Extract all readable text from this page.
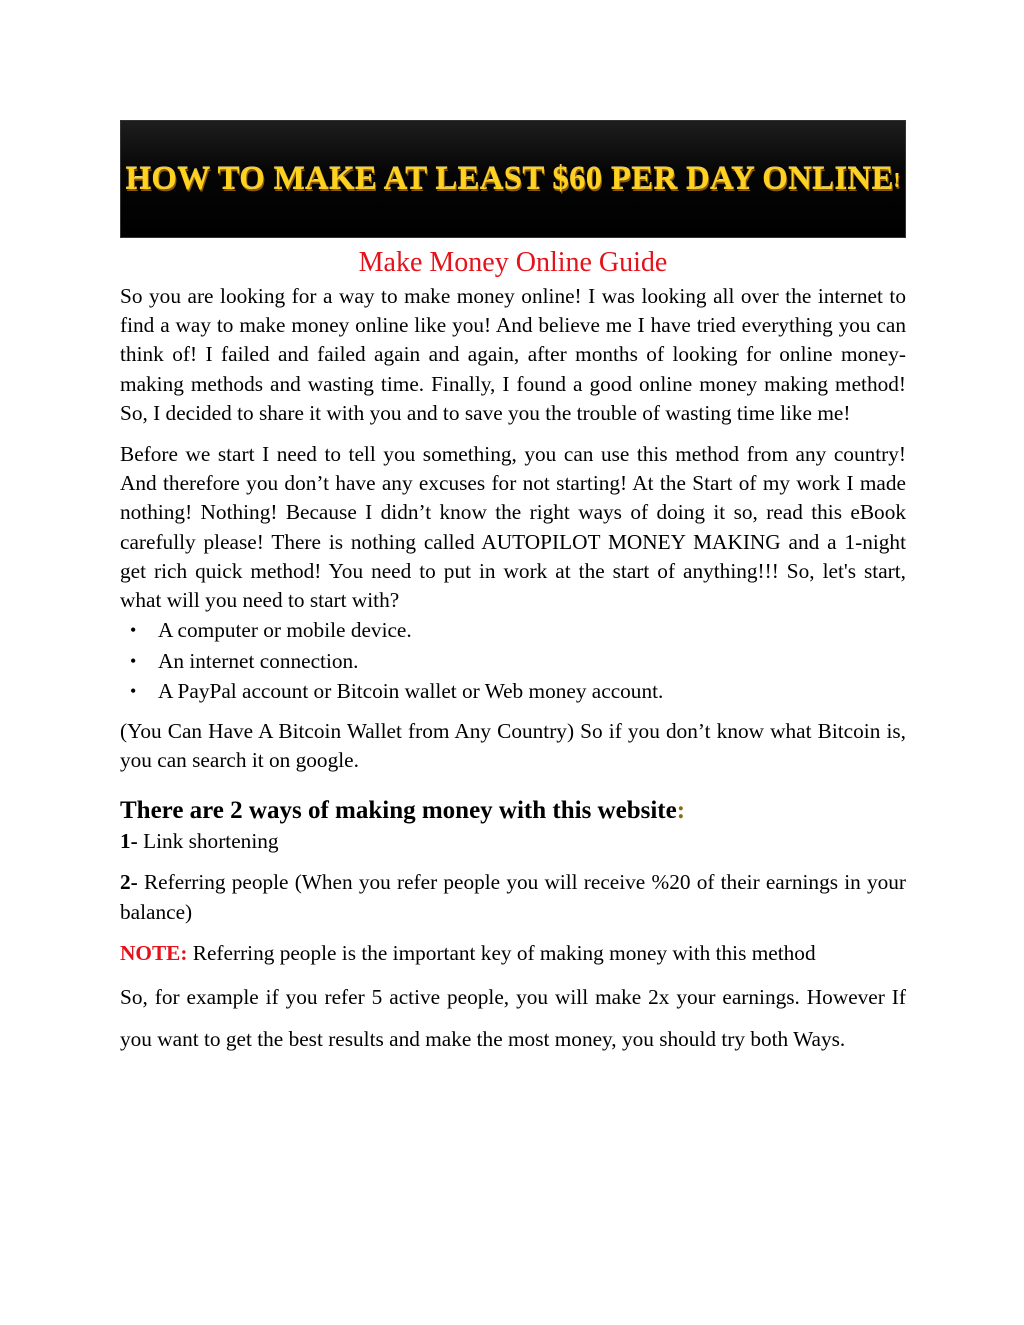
HOW TO MAKE AT LEAST $60 PER DAY ONLINE!
Make Money Online Guide

So you are looking for a way to make money online! I was looking all over the internet to find a way to make money online like you! And believe me I have tried everything you can think of! I failed and failed again and again, after months of looking for online money-making methods and wasting time. Finally, I found a good online money making method! So, I decided to share it with you and to save you the trouble of wasting time like me!

Before we start I need to tell you something, you can use this method from any country! And therefore you don’t have any excuses for not starting! At the Start of my work I made nothing! Nothing! Because I didn’t know the right ways of doing it so, read this eBook carefully please! There is nothing called AUTOPILOT MONEY MAKING and a 1-night get rich quick method! You need to put in work at the start of anything!!! So, let's start, what will you need to start with?

• A computer or mobile device.
• An internet connection.
• A PayPal account or Bitcoin wallet or Web money account.

(You Can Have A Bitcoin Wallet from Any Country) So if you don’t know what Bitcoin is, you can search it on google.

There are 2 ways of making money with this website:

1- Link shortening

2- Referring people (When you refer people you will receive %20 of their earnings in your balance)

NOTE: Referring people is the important key of making money with this method

So, for example if you refer 5 active people, you will make 2x your earnings. However If you want to get the best results and make the most money, you should try both Ways.
